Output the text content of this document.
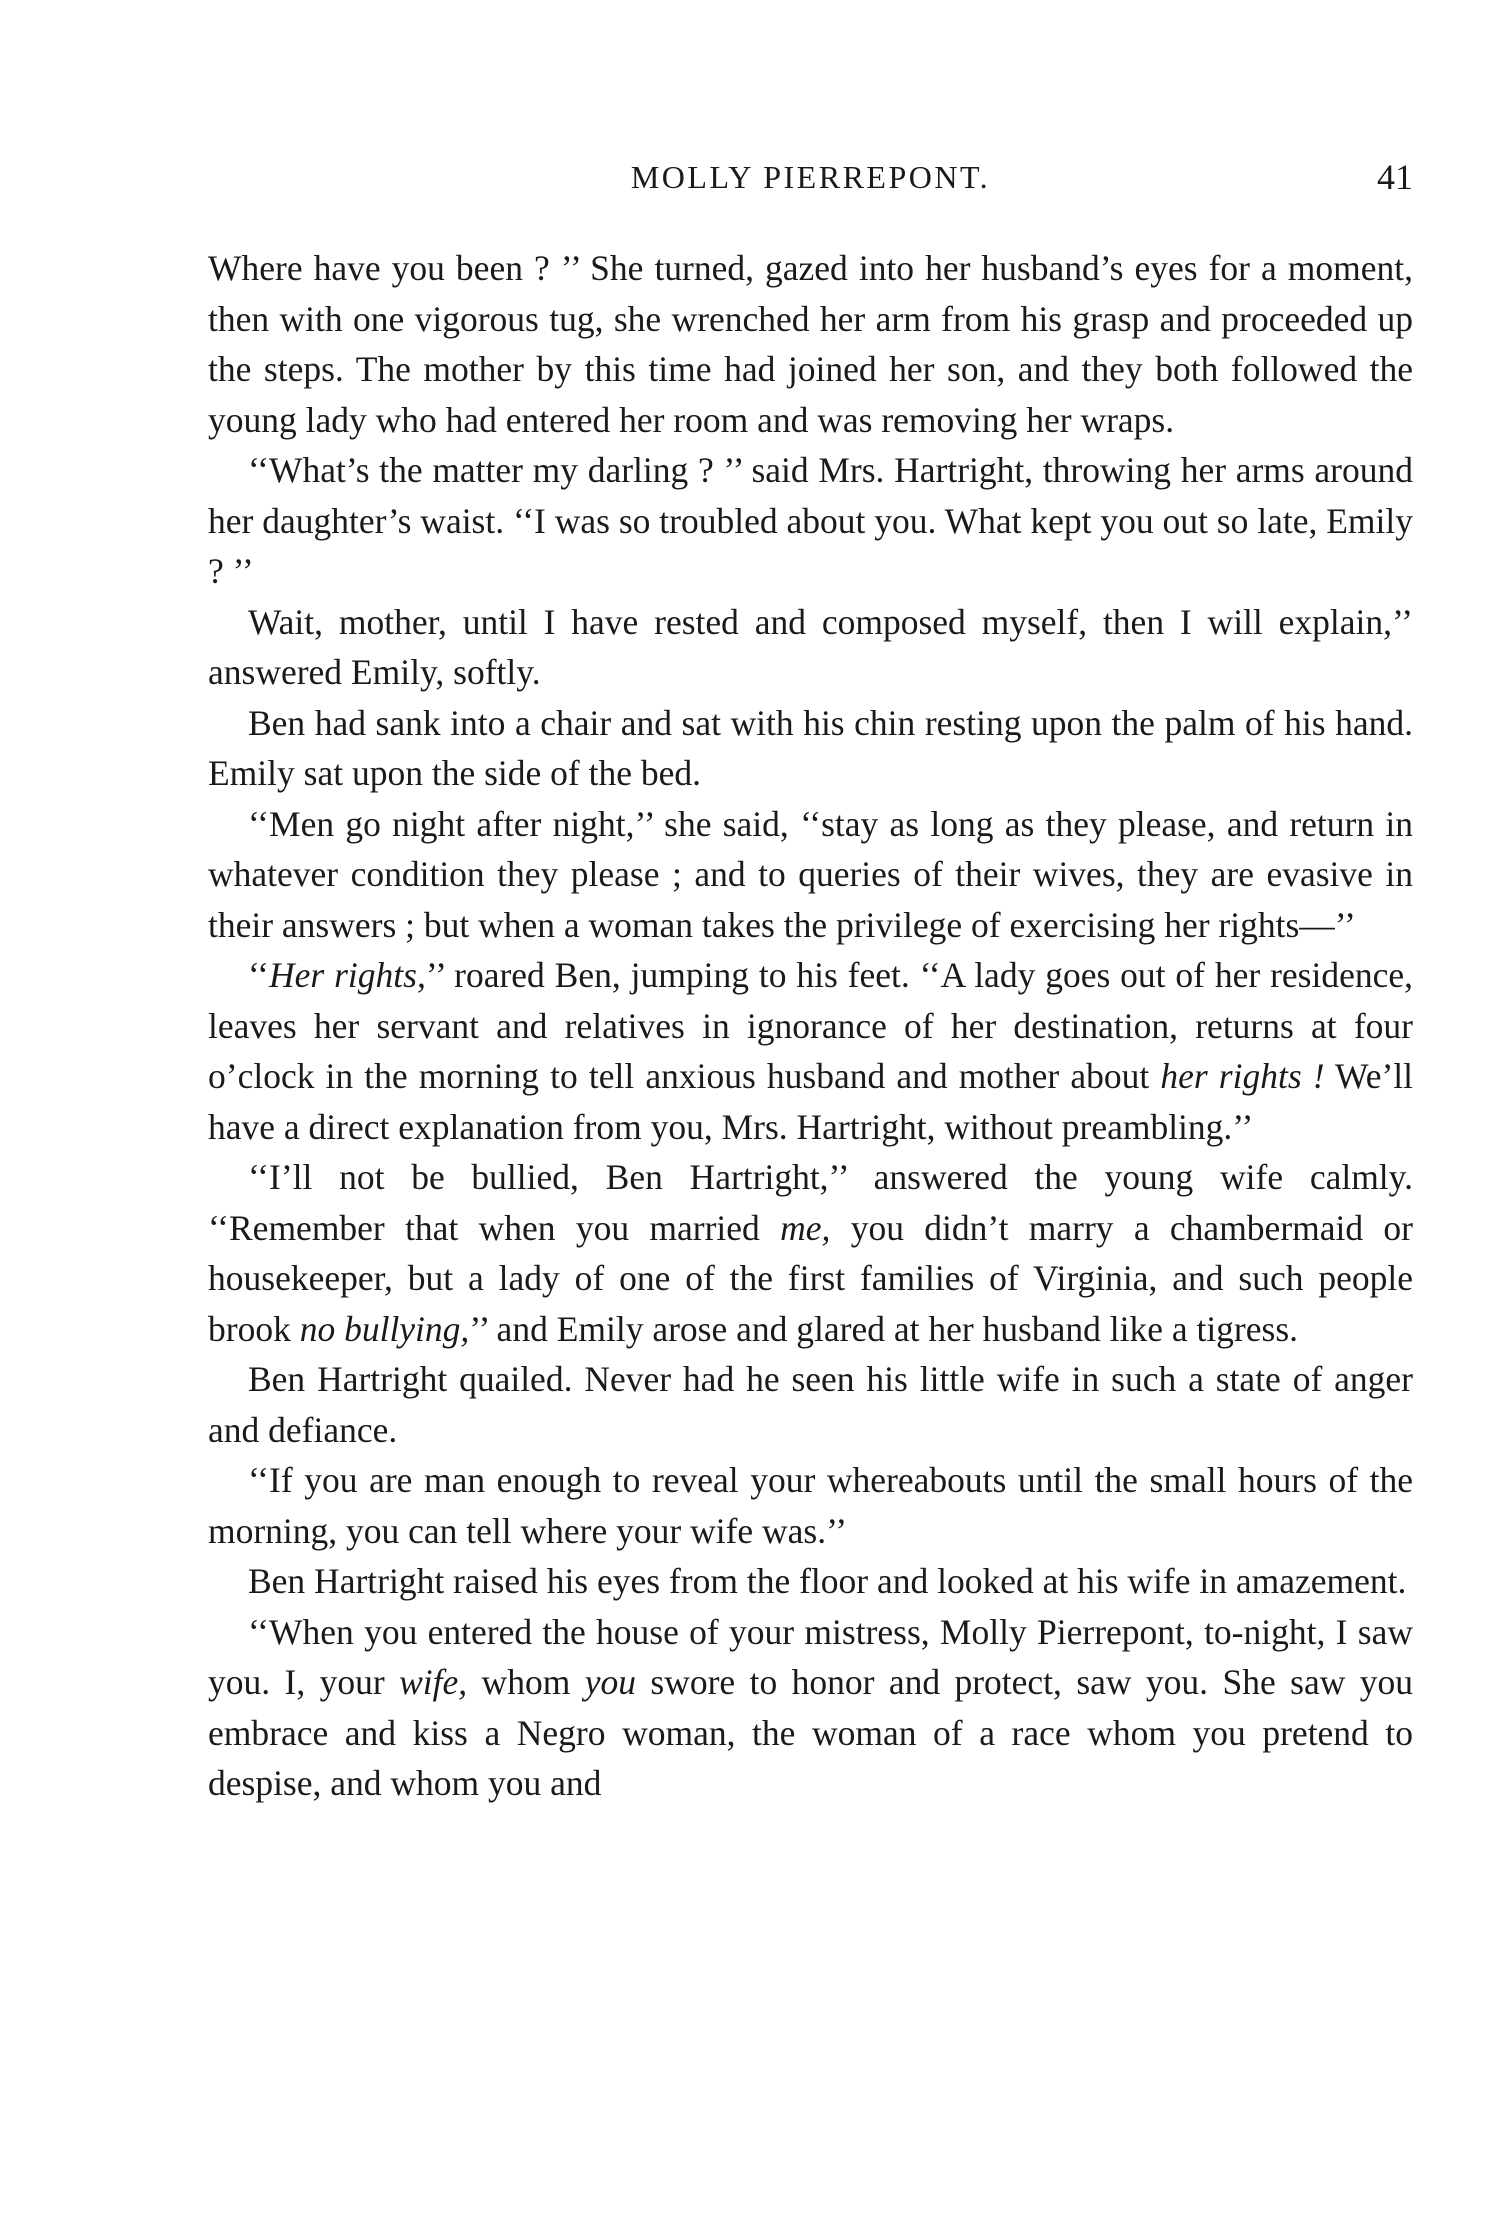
MOLLY PIERREPONT.	41

Where have you been ? ’’ She turned, gazed into her husband’s eyes for a moment, then with one vigorous tug, she wrenched her arm from his grasp and proceeded up the steps. The mother by this time had joined her son, and they both followed the young lady who had entered her room and was removing her wraps.

‘‘What’s the matter my darling ? ’’ said Mrs. Hartright, throwing her arms around her daughter’s waist. ‘‘I was so troubled about you. What kept you out so late, Emily ? ’’

Wait, mother, until I have rested and composed myself, then I will explain,’’ answered Emily, softly.

Ben had sank into a chair and sat with his chin resting upon the palm of his hand. Emily sat upon the side of the bed.

‘‘Men go night after night,’’ she said, ‘‘stay as long as they please, and return in whatever condition they please ; and to queries of their wives, they are evasive in their answers ; but when a woman takes the privilege of exercising her rights—’’

‘‘Her rights,’’ roared Ben, jumping to his feet. ‘‘A lady goes out of her residence, leaves her servant and relatives in ignorance of her destination, returns at four o’clock in the morning to tell anxious husband and mother about her rights ! We’ll have a direct explanation from you, Mrs. Hartright, without preambling.’’

‘‘I’ll not be bullied, Ben Hartright,’’ answered the young wife calmly. ‘‘Remember that when you married me, you didn’t marry a chambermaid or housekeeper, but a lady of one of the first families of Virginia, and such people brook no bullying,’’ and Emily arose and glared at her husband like a tigress.

Ben Hartright quailed. Never had he seen his little wife in such a state of anger and defiance.

‘‘If you are man enough to reveal your whereabouts until the small hours of the morning, you can tell where your wife was.’’

Ben Hartright raised his eyes from the floor and looked at his wife in amazement.

‘‘When you entered the house of your mistress, Molly Pierrepont, to-night, I saw you. I, your wife, whom you swore to honor and protect, saw you. She saw you embrace and kiss a Negro woman, the woman of a race whom you pretend to despise, and whom you and
